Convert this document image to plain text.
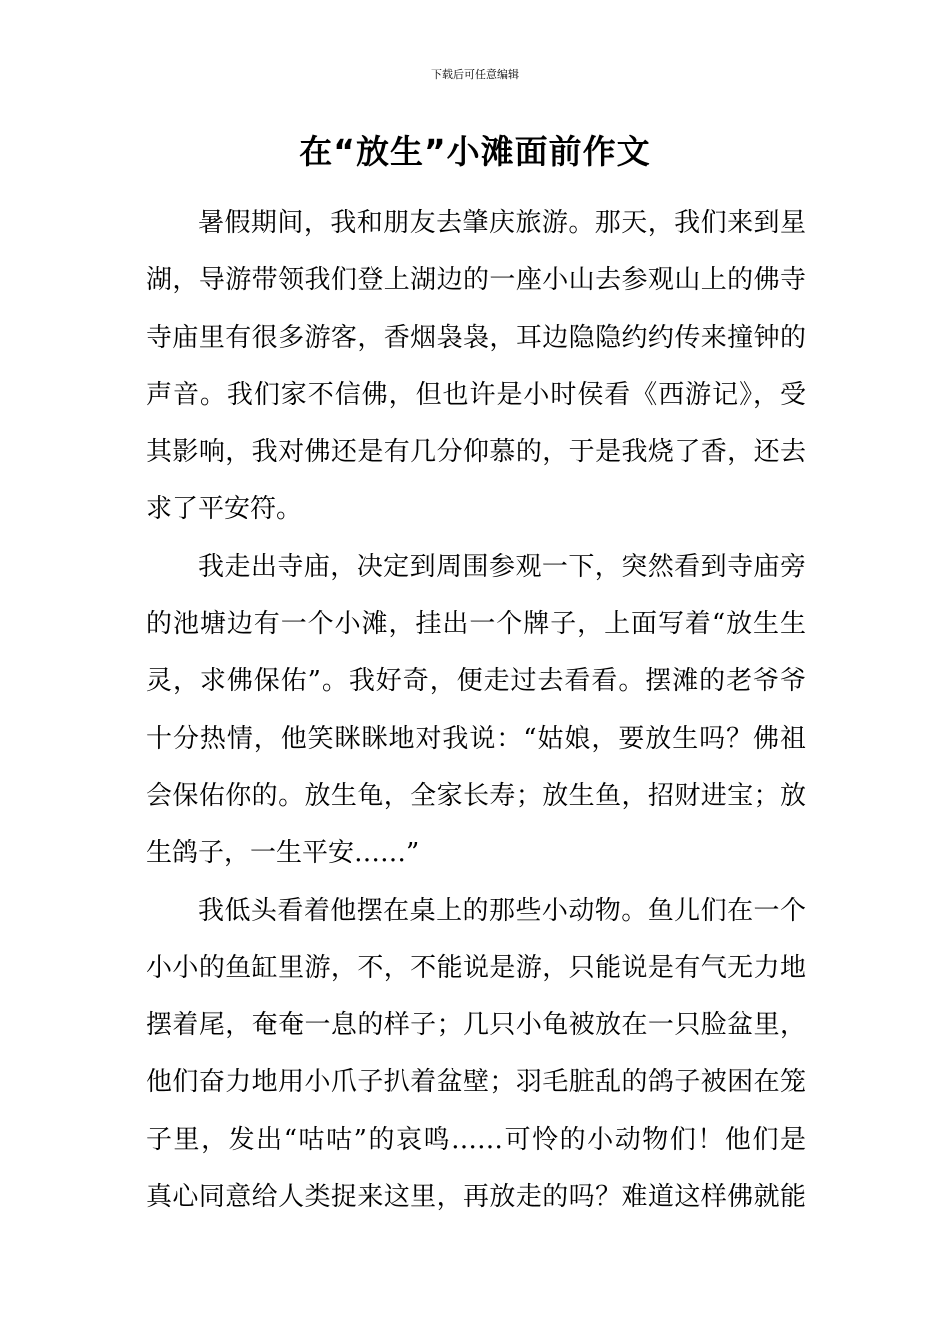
下载后可任意编辑
在“放生”小滩面前作文
暑假期间，我和朋友去肇庆旅游。那天，我们来到星
湖，导游带领我们登上湖边的一座小山去参观山上的佛寺
寺庙里有很多游客，香烟袅袅，耳边隐隐约约传来撞钟的
声音。我们家不信佛，但也许是小时侯看《西游记》，受
其影响，我对佛还是有几分仰慕的，于是我烧了香，还去
求了平安符。
我走出寺庙，决定到周围参观一下，突然看到寺庙旁
的池塘边有一个小滩，挂出一个牌子，上面写着“放生生
灵，求佛保佑”。我好奇，便走过去看看。摆滩的老爷爷
十分热情，他笑眯眯地对我说：“姑娘，要放生吗？佛祖
会保佑你的。放生龟，全家长寿；放生鱼，招财进宝；放
生鸽子，一生平安……”
我低头看着他摆在桌上的那些小动物。鱼儿们在一个
小小的鱼缸里游，不，不能说是游，只能说是有气无力地
摆着尾，奄奄一息的样子；几只小龟被放在一只脸盆里，
他们奋力地用小爪子扒着盆壁；羽毛脏乱的鸽子被困在笼
子里，发出“咕咕”的哀鸣……可怜的小动物们！他们是
真心同意给人类捉来这里，再放走的吗？难道这样佛就能
